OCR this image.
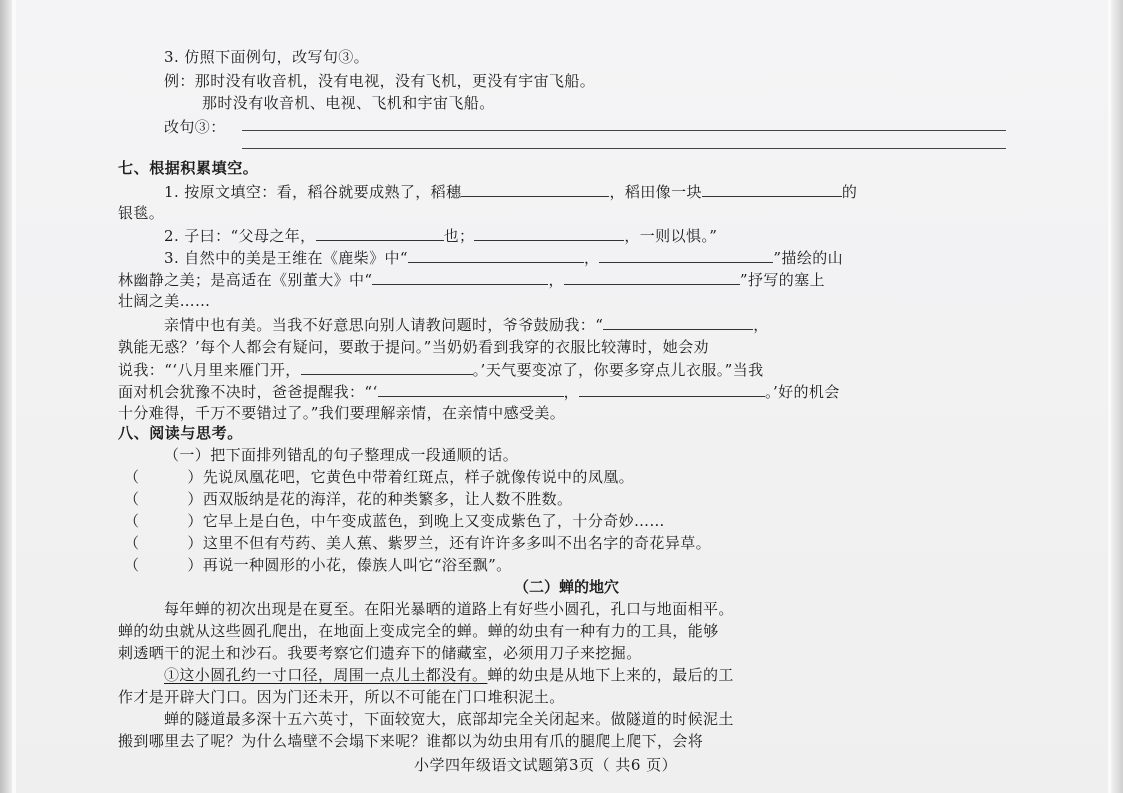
3. 仿照下面例句，改写句③。
例：那时没有收音机，没有电视，没有飞机，更没有宇宙飞船。
那时没有收音机、电视、飞机和宇宙飞船。
改句③：
七、根据积累填空。
1. 按原文填空：看，稻谷就要成熟了，稻穗	，稻田像一块	的
银毯。
2. 子曰：“父母之年，	也；	，一则以惧。”
3. 自然中的美是王维在《鹿柴》中“	，	”描绘的山
林幽静之美；是高适在《别董大》中“	，	”抒写的塞上
壮阔之美……
亲情中也有美。当我不好意思向别人请教问题时，爷爷鼓励我：“	，
孰能无惑？’每个人都会有疑问，要敢于提问。”当奶奶看到我穿的衣服比较薄时，她会劝
说我：“‘八月里来雁门开，	。’天气要变凉了，你要多穿点儿衣服。”当我
面对机会犹豫不决时，爸爸提醒我：“‘	，	。’好的机会
十分难得，千万不要错过了。”我们要理解亲情，在亲情中感受美。
八、阅读与思考。
（一）把下面排列错乱的句子整理成一段通顺的话。
（	）先说凤凰花吧，它黄色中带着红斑点，样子就像传说中的凤凰。
（	）西双版纳是花的海洋，花的种类繁多，让人数不胜数。
（	）它早上是白色，中午变成蓝色，到晚上又变成紫色了，十分奇妙……
（	）这里不但有芍药、美人蕉、紫罗兰，还有许许多多叫不出名字的奇花异草。
（	）再说一种圆形的小花，傣族人叫它“浴至飘”。
（二）蝉的地穴
每年蝉的初次出现是在夏至。在阳光暴晒的道路上有好些小圆孔，孔口与地面相平。
蝉的幼虫就从这些圆孔爬出，在地面上变成完全的蝉。蝉的幼虫有一种有力的工具，能够
刺透晒干的泥土和沙石。我要考察它们遗弃下的储藏室，必须用刀子来挖掘。
①这小圆孔约一寸口径，周围一点儿土都没有。蝉的幼虫是从地下上来的，最后的工
作才是开辟大门口。因为门还未开，所以不可能在门口堆积泥土。
蝉的隧道最多深十五六英寸，下面较宽大，底部却完全关闭起来。做隧道的时候泥土
搬到哪里去了呢？为什么墙壁不会塌下来呢？谁都以为幼虫用有爪的腿爬上爬下，会将
小学四年级语文试题第3页（ 共6 页）
